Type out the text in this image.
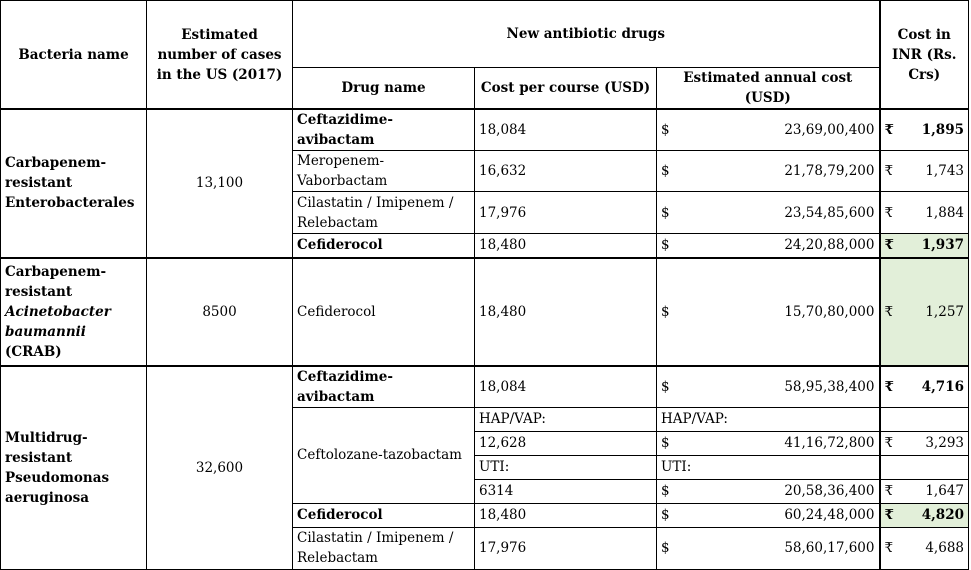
Bacteria name	Estimated number of cases in the US (2017)	New antibiotic drugs			Cost in INR (Rs. Crs)
		Drug name	Cost per course (USD)	Estimated annual cost (USD)	
Carbapenem-resistant Enterobacterales	13,100	Ceftazidime-avibactam	18,084	$ 23,69,00,400	₹ 1,895

		Meropenem-Vaborbactam	16,632	$ 21,78,79,200	₹ 1,743

		Cilastatin / Imipenem / Relebactam	17,976	$ 23,54,85,600	₹ 1,884

		Cefiderocol	18,480	$ 24,20,88,000	₹ 1,937

Carbapenem-resistant Acinetobacter baumannii (CRAB)	8500	Cefiderocol	18,480	$ 15,70,80,000	₹ 1,257

Multidrug-resistant Pseudomonas aeruginosa	32,600	Ceftazidime-avibactam	18,084	$ 58,95,38,400	₹ 4,716

		Ceftolozane-tazobactam	HAP/VAP:	HAP/VAP:	
			12,628	$ 41,16,72,800	₹ 3,293

			UTI:	UTI:	
			6314	$ 20,58,36,400	₹ 1,647

		Cefiderocol	18,480	$ 60,24,48,000	₹ 4,820

		Cilastatin / Imipenem / Relebactam	17,976	$ 58,60,17,600	₹ 4,688
